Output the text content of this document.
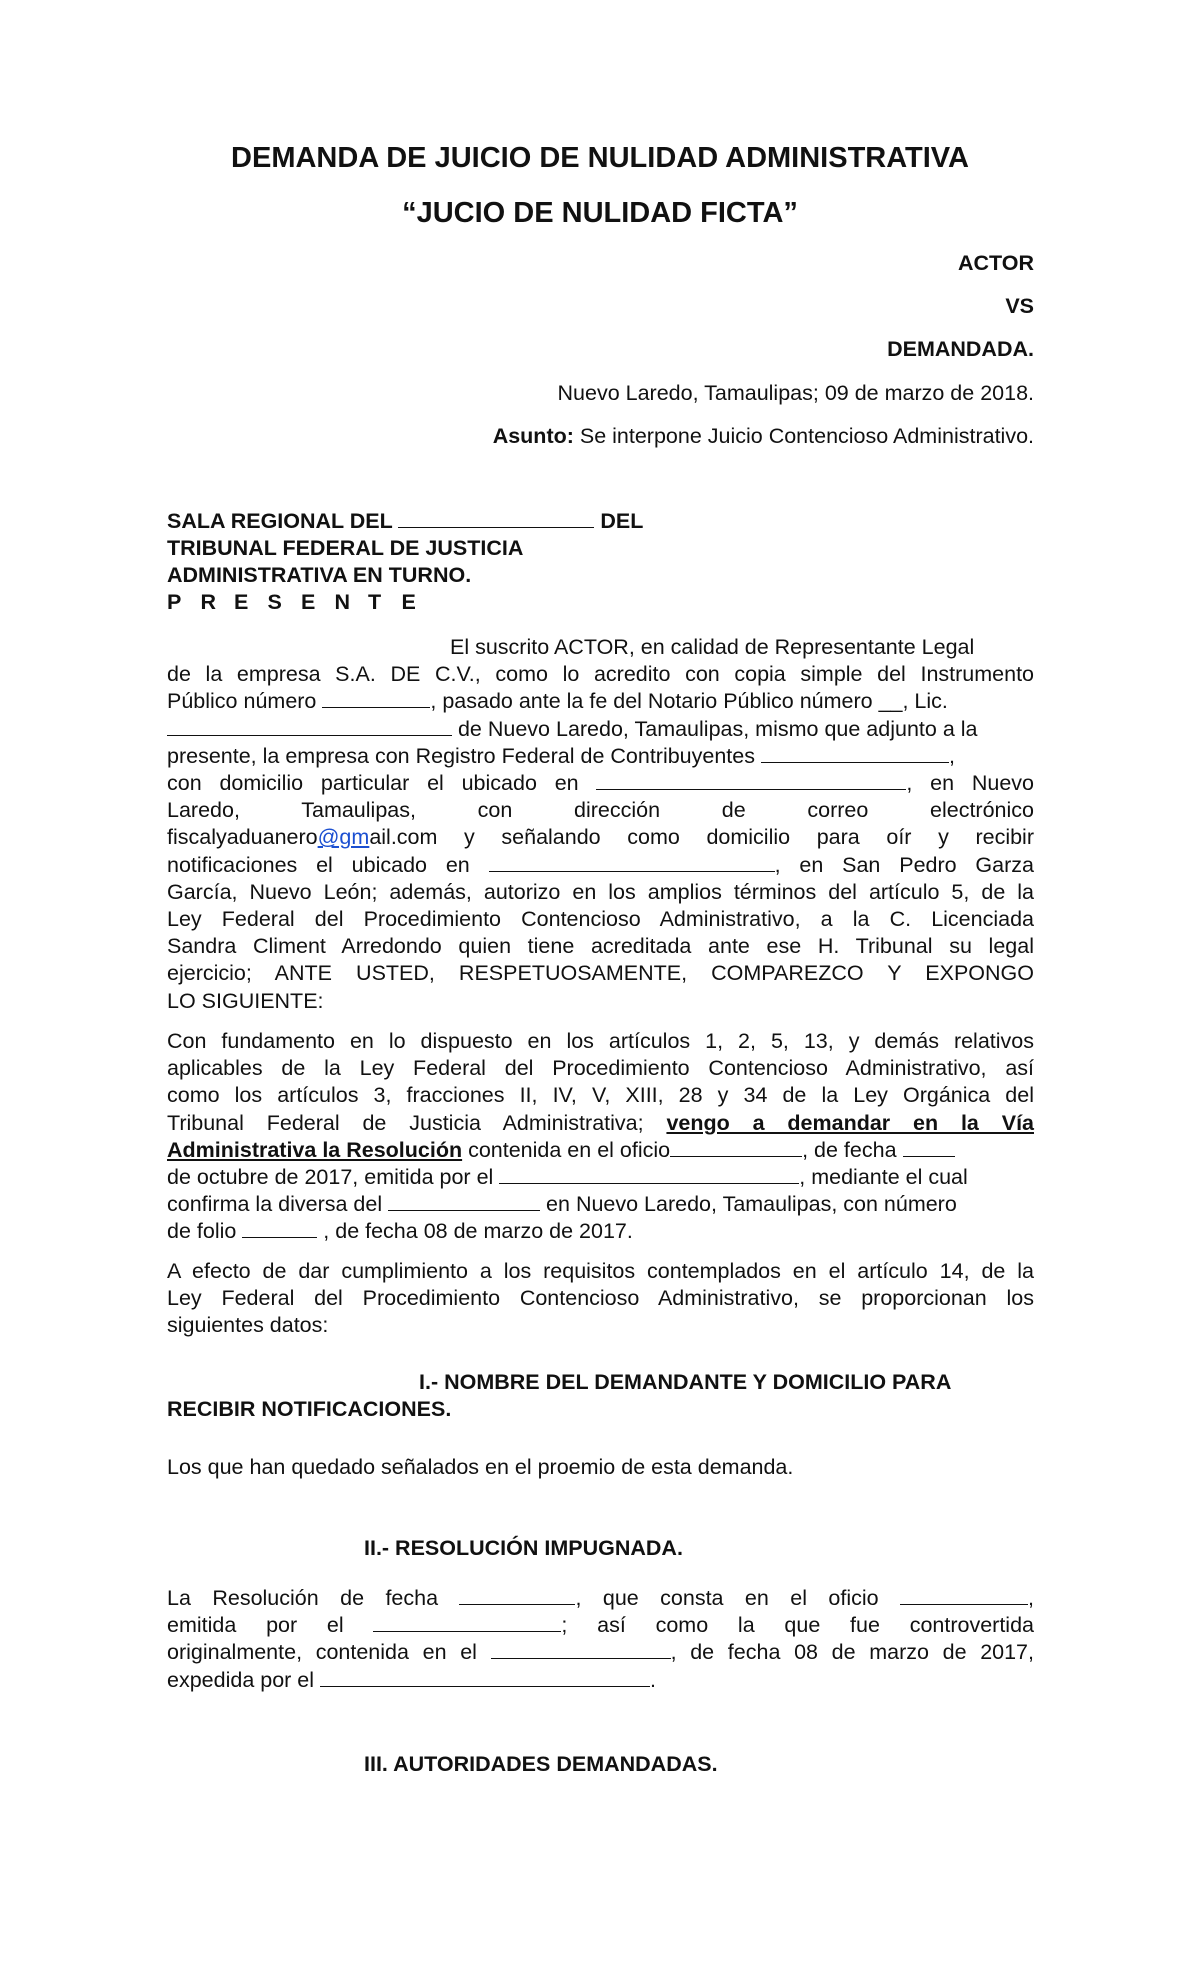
DEMANDA DE JUICIO DE NULIDAD ADMINISTRATIVA

“JUCIO DE NULIDAD FICTA”

ACTOR

VS

DEMANDADA.

Nuevo Laredo, Tamaulipas; 09 de marzo de 2018.

Asunto: Se interpone Juicio Contencioso Administrativo.

SALA REGIONAL DEL	DEL
TRIBUNAL FEDERAL DE JUSTICIA
ADMINISTRATIVA EN TURNO.
P R E S E N T E
El suscrito ACTOR, en calidad de Representante Legal
de la empresa S.A. DE C.V., como lo acredito con copia simple del Instrumento
Público número	, pasado ante la fe del Notario Público número __, Lic.
de Nuevo Laredo, Tamaulipas, mismo que adjunto a la
presente, la empresa con Registro Federal de Contribuyentes	,
con domicilio particular el ubicado en	, en Nuevo
Laredo, Tamaulipas, con dirección de correo electrónico
fiscalyaduanero@gmail.com y señalando como domicilio para oír y recibir
notificaciones el ubicado en	, en San Pedro Garza
García, Nuevo León; además, autorizo en los amplios términos del artículo 5, de la
Ley Federal del Procedimiento Contencioso Administrativo, a la C. Licenciada
Sandra Climent Arredondo quien tiene acreditada ante ese H. Tribunal su legal
ejercicio; ANTE USTED, RESPETUOSAMENTE, COMPAREZCO Y EXPONGO
LO SIGUIENTE:
Con fundamento en lo dispuesto en los artículos 1, 2, 5, 13, y demás relativos
aplicables de la Ley Federal del Procedimiento Contencioso Administrativo, así
como los artículos 3, fracciones II, IV, V, XIII, 28 y 34 de la Ley Orgánica del
Tribunal Federal de Justicia Administrativa; vengo a demandar en la Vía
Administrativa la Resolución contenida en el oficio	, de fecha
de octubre de 2017, emitida por el	, mediante el cual
confirma la diversa del	en Nuevo Laredo, Tamaulipas, con número
de folio	, de fecha 08 de marzo de 2017.
A efecto de dar cumplimiento a los requisitos contemplados en el artículo 14, de la
Ley Federal del Procedimiento Contencioso Administrativo, se proporcionan los
siguientes datos:
I.- NOMBRE DEL DEMANDANTE Y DOMICILIO PARA
RECIBIR NOTIFICACIONES.

Los que han quedado señalados en el proemio de esta demanda.

II.- RESOLUCIÓN IMPUGNADA.

La Resolución de fecha	, que consta en el oficio	,
emitida por el	; así como la que fue controvertida
originalmente, contenida en el	, de fecha 08 de marzo de 2017,
expedida por el	.

III. AUTORIDADES DEMANDADAS.
